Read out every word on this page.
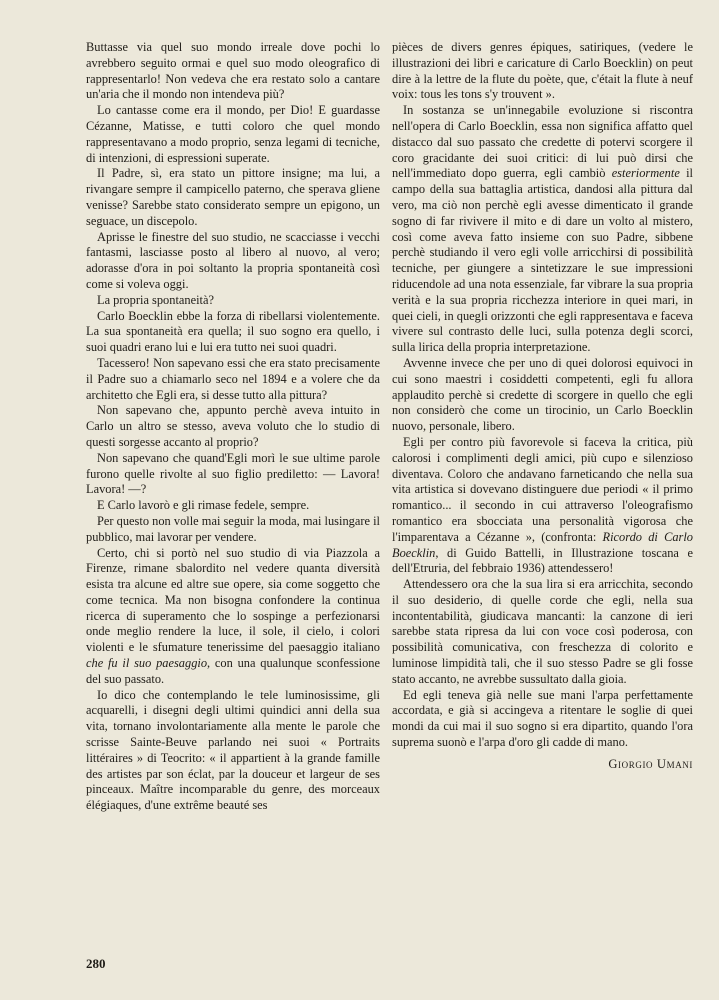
Buttasse via quel suo mondo irreale dove pochi lo avrebbero seguito ormai e quel suo modo oleografico di rappresentarlo! Non vedeva che era restato solo a cantare un'aria che il mondo non intendeva più?

Lo cantasse come era il mondo, per Dio! E guardasse Cézanne, Matisse, e tutti coloro che quel mondo rappresentavano a modo proprio, senza legami di tecniche, di intenzioni, di espressioni superate.

Il Padre, sì, era stato un pittore insigne; ma lui, a rivangare sempre il campicello paterno, che sperava gliene venisse? Sarebbe stato considerato sempre un epigono, un seguace, un discepolo.

Aprisse le finestre del suo studio, ne scacciasse i vecchi fantasmi, lasciasse posto al libero al nuovo, al vero; adorasse d'ora in poi soltanto la propria spontaneità così come si voleva oggi.

La propria spontaneità?

Carlo Boecklin ebbe la forza di ribellarsi violentemente. La sua spontaneità era quella; il suo sogno era quello, i suoi quadri erano lui e lui era tutto nei suoi quadri.

Tacessero! Non sapevano essi che era stato precisamente il Padre suo a chiamarlo seco nel 1894 e a volere che da architetto che Egli era, si desse tutto alla pittura?

Non sapevano che, appunto perchè aveva intuito in Carlo un altro se stesso, aveva voluto che lo studio di questi sorgesse accanto al proprio?

Non sapevano che quand'Egli morì le sue ultime parole furono quelle rivolte al suo figlio prediletto: — Lavora! Lavora! —?

E Carlo lavorò e gli rimase fedele, sempre.

Per questo non volle mai seguir la moda, mai lusingare il pubblico, mai lavorar per vendere.

Certo, chi si portò nel suo studio di via Piazzola a Firenze, rimane sbalordito nel vedere quanta diversità esista tra alcune ed altre sue opere, sia come soggetto che come tecnica. Ma non bisogna confondere la continua ricerca di superamento che lo sospinge a perfezionarsi onde meglio rendere la luce, il sole, il cielo, i colori violenti e le sfumature tenerissime del paesaggio italiano che fu il suo paesaggio, con una qualunque sconfessione del suo passato.

Io dico che contemplando le tele luminosissime, gli acquarelli, i disegni degli ultimi quindici anni della sua vita, tornano involontariamente alla mente le parole che scrisse Sainte-Beuve parlando nei suoi « Portraits littéraires » di Teocrito: « il appartient à la grande famille des artistes par son éclat, par la douceur et largeur de ses pinceaux. Maître incomparable du genre, des morceaux élégiaques, d'une extrême beauté ses

pièces de divers genres épiques, satiriques, (vedere le illustrazioni dei libri e caricature di Carlo Boecklin) on peut dire à la lettre de la flute du poète, que, c'était la flute à neuf voix: tous les tons s'y trouvent ».

In sostanza se un'innegabile evoluzione si riscontra nell'opera di Carlo Boecklin, essa non significa affatto quel distacco dal suo passato che credette di potervi scorgere il coro gracidante dei suoi critici: di lui può dirsi che nell'immediato dopo guerra, egli cambiò esteriormente il campo della sua battaglia artistica, dandosi alla pittura dal vero, ma ciò non perchè egli avesse dimenticato il grande sogno di far rivivere il mito e di dare un volto al mistero, così come aveva fatto insieme con suo Padre, sibbene perchè studiando il vero egli volle arricchirsi di possibilità tecniche, per giungere a sintetizzare le sue impressioni riducendole ad una nota essenziale, far vibrare la sua propria verità e la sua propria ricchezza interiore in quei mari, in quei cieli, in quegli orizzonti che egli rappresentava e faceva vivere sul contrasto delle luci, sulla potenza degli scorci, sulla lirica della propria interpretazione.

Avvenne invece che per uno di quei dolorosi equivoci in cui sono maestri i cosiddetti competenti, egli fu allora applaudito perchè si credette di scorgere in quello che egli non considerò che come un tirocinio, un Carlo Boecklin nuovo, personale, libero.

Egli per contro più favorevole si faceva la critica, più calorosi i complimenti degli amici, più cupo e silenzioso diventava. Coloro che andavano farneticando che nella sua vita artistica si dovevano distinguere due periodi « il primo romantico... il secondo in cui attraverso l'oleografismo romantico era sbocciata una personalità vigorosa che l'imparentava a Cézanne », (confronta: Ricordo di Carlo Boecklin, di Guido Battelli, in Illustrazione toscana e dell'Etruria, del febbraio 1936) attendessero!

Attendessero ora che la sua lira si era arricchita, secondo il suo desiderio, di quelle corde che egli, nella sua incontentabilità, giudicava mancanti: la canzone di ieri sarebbe stata ripresa da lui con voce così poderosa, con possibilità comunicativa, con freschezza di colorito e luminose limpidità tali, che il suo stesso Padre se gli fosse stato accanto, ne avrebbe sussultato dalla gioia.

Ed egli teneva già nelle sue mani l'arpa perfettamente accordata, e già si accingeva a ritentare le soglie di quei mondi da cui mai il suo sogno si era dipartito, quando l'ora suprema suonò e l'arpa d'oro gli cadde di mano.

Giorgio Umani
280
